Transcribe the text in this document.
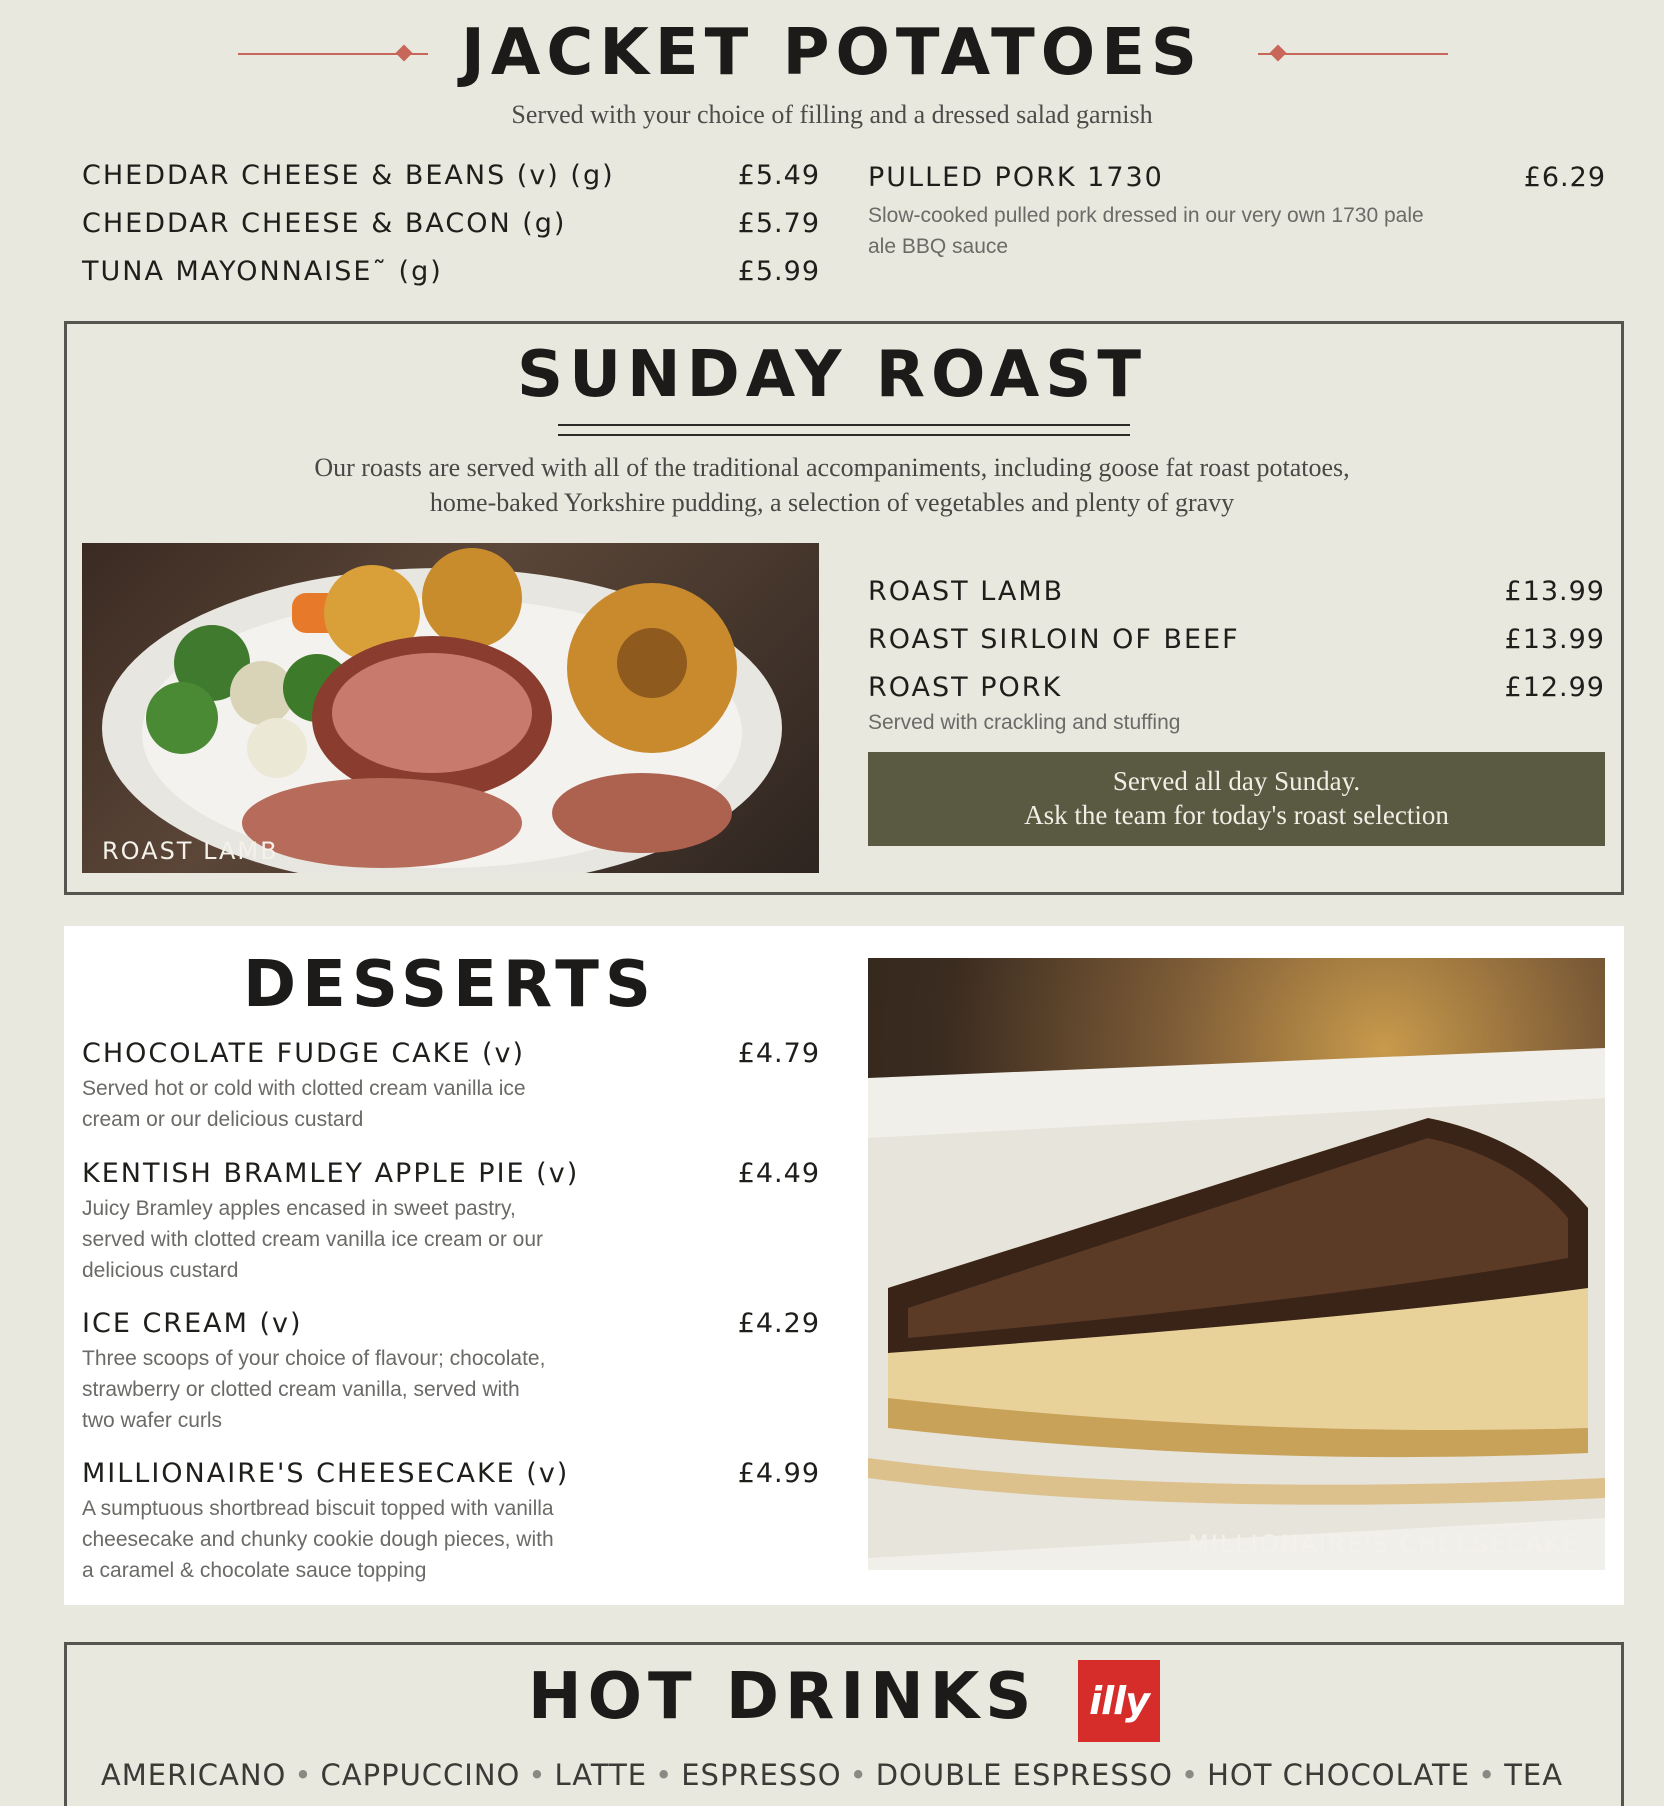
JACKET POTATOES
Served with your choice of filling and a dressed salad garnish
CHEDDAR CHEESE & BEANS (v) (g)	£5.49
CHEDDAR CHEESE & BACON (g)	£5.79
TUNA MAYONNAISE˜ (g)	£5.99
PULLED PORK 1730	£6.29
Slow-cooked pulled pork dressed in our very own 1730 pale ale BBQ sauce
SUNDAY ROAST
Our roasts are served with all of the traditional accompaniments, including goose fat roast potatoes,
home-baked Yorkshire pudding, a selection of vegetables and plenty of gravy
ROAST LAMB
ROAST LAMB	£13.99
ROAST SIRLOIN OF BEEF	£13.99
ROAST PORK	£12.99
Served with crackling and stuffing
Served all day Sunday.
Ask the team for today's roast selection
DESSERTS
CHOCOLATE FUDGE CAKE (v)	£4.79
Served hot or cold with clotted cream vanilla ice
cream or our delicious custard
KENTISH BRAMLEY APPLE PIE (v)	£4.49
Juicy Bramley apples encased in sweet pastry,
served with clotted cream vanilla ice cream or our
delicious custard
ICE CREAM (v)	£4.29
Three scoops of your choice of flavour; chocolate,
strawberry or clotted cream vanilla, served with
two wafer curls
MILLIONAIRE'S CHEESECAKE (v)	£4.99
A sumptuous shortbread biscuit topped with vanilla
cheesecake and chunky cookie dough pieces, with
a caramel & chocolate sauce topping
MILLIONAIRE'S CHEESECAKE
HOT DRINKS illy
AMERICANO • CAPPUCCINO • LATTE • ESPRESSO • DOUBLE ESPRESSO • HOT CHOCOLATE • TEA
